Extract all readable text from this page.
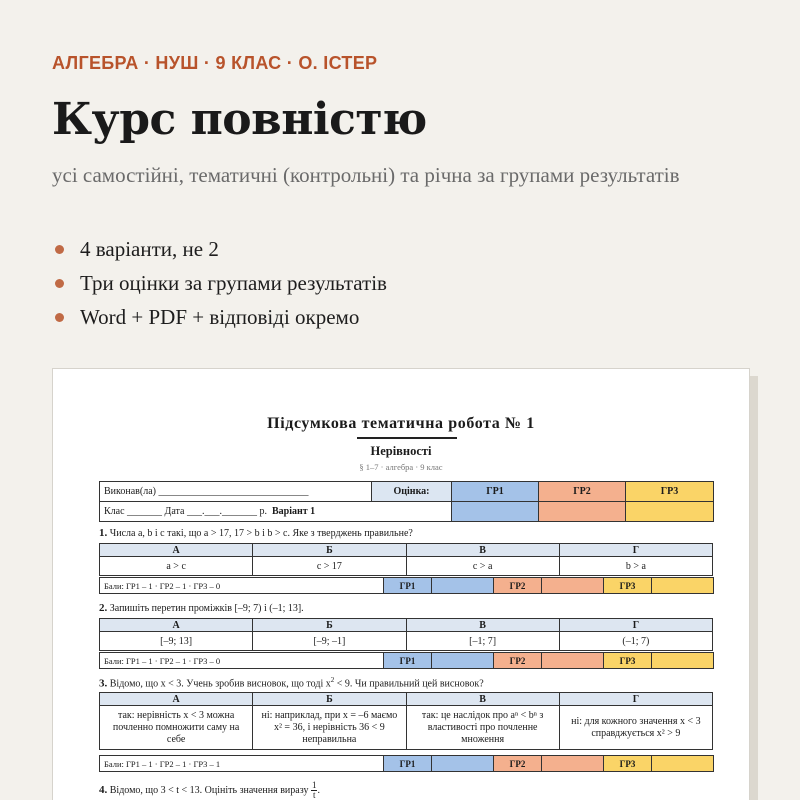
АЛГЕБРА · НУШ · 9 КЛАС · О. ІСТЕР
Курс повністю
усі самостійні, тематичні (контрольні) та річна за групами результатів
4 варіанти, не 2
Три оцінки за групами результатів
Word + PDF + відповіді окремо
Підсумкова тематична робота № 1
Нерівності
§ 1–7 · алгебра · 9 клас
Виконав(ла) ______________________________	Оцінка:	ГР1	ГР2	ГР3
Клас _______ Дата ___.___._______ р. Варіант 1				
1. Числа a, b і c такі, що a > 17, 17 > b і b > c. Яке з тверджень правильне?
А	Б	В	Г
a > c	c > 17	c > a	b > a
Бали: ГР1 – 1 · ГР2 – 1 · ГР3 – 0	ГР1		ГР2		ГР3	
2. Запишіть перетин проміжків [–9; 7) і (–1; 13].
А	Б	В	Г
[–9; 13]	[–9; –1]	[–1; 7]	(–1; 7)
Бали: ГР1 – 1 · ГР2 – 1 · ГР3 – 0	ГР1		ГР2		ГР3	
3. Відомо, що x < 3. Учень зробив висновок, що тоді $x^2 < 9$. Чи правильний цей висновок?
А	Б	В	Г
так: нерівність x < 3 можна почленно помножити саму на себе	ні: наприклад, при x = –6 маємо x² = 36, і нерівність 36 < 9 неправильна	так: це наслідок про aⁿ < bⁿ з властивості про почленне множення	ні: для кожного значення x < 3 справджується x² > 9
Бали: ГР1 – 1 · ГР2 – 1 · ГР3 – 1	ГР1		ГР2		ГР3	
4. Відомо, що 3 < t < 13. Оцініть значення виразу $\frac{1}{t}$ .
